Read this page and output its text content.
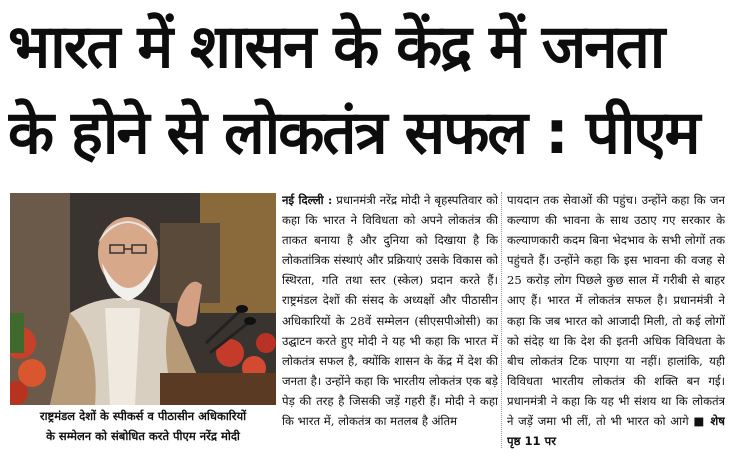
भारत में शासन के केंद्र में जनता
के होने से लोकतंत्र सफल : पीएम
राष्ट्रमंडल देशों के स्पीकर्स व पीठासीन अधिकारियों
के सम्मेलन को संबोधित करते पीएम नरेंद्र मोदी
नई दिल्ली : प्रधानमंत्री नरेंद्र मोदी ने बृहस्पतिवार को कहा कि भारत ने विविधता को अपने लोकतंत्र की ताकत बनाया है और दुनिया को दिखाया है कि लोकतांत्रिक संस्थाएं और प्रक्रियाएं उसके विकास को स्थिरता, गति तथा स्तर (स्केल) प्रदान करते हैं। राष्ट्रमंडल देशों की संसद के अध्यक्षों और पीठासीन अधिकारियों के 28वें सम्मेलन (सीएसपीओसी) का उद्घाटन करते हुए मोदी ने यह भी कहा कि भारत में लोकतंत्र सफल है, क्योंकि शासन के केंद्र में देश की जनता है। उन्होंने कहा कि भारतीय लोकतंत्र एक बड़े पेड़ की तरह है जिसकी जड़ें गहरी हैं। मोदी ने कहा कि भारत में, लोकतंत्र का मतलब है अंतिम
पायदान तक सेवाओं की पहुंच। उन्होंने कहा कि जन कल्याण की भावना के साथ उठाए गए सरकार के कल्याणकारी कदम बिना भेदभाव के सभी लोगों तक पहुंचते हैं। उन्होंने कहा कि इस भावना की वजह से 25 करोड़ लोग पिछले कुछ साल में गरीबी से बाहर आए हैं। भारत में लोकतंत्र सफल है। प्रधानमंत्री ने कहा कि जब भारत को आजादी मिली, तो कई लोगों को संदेह था कि देश की इतनी अधिक विविधता के बीच लोकतंत्र टिक पाएगा या नहीं। हालांकि, यही विविधता भारतीय लोकतंत्र की शक्ति बन गई। प्रधानमंत्री ने कहा कि यह भी संशय था कि लोकतंत्र ने जड़ें जमा भी लीं, तो भी भारत को आगे ■ शेष पृष्ठ 11 पर
